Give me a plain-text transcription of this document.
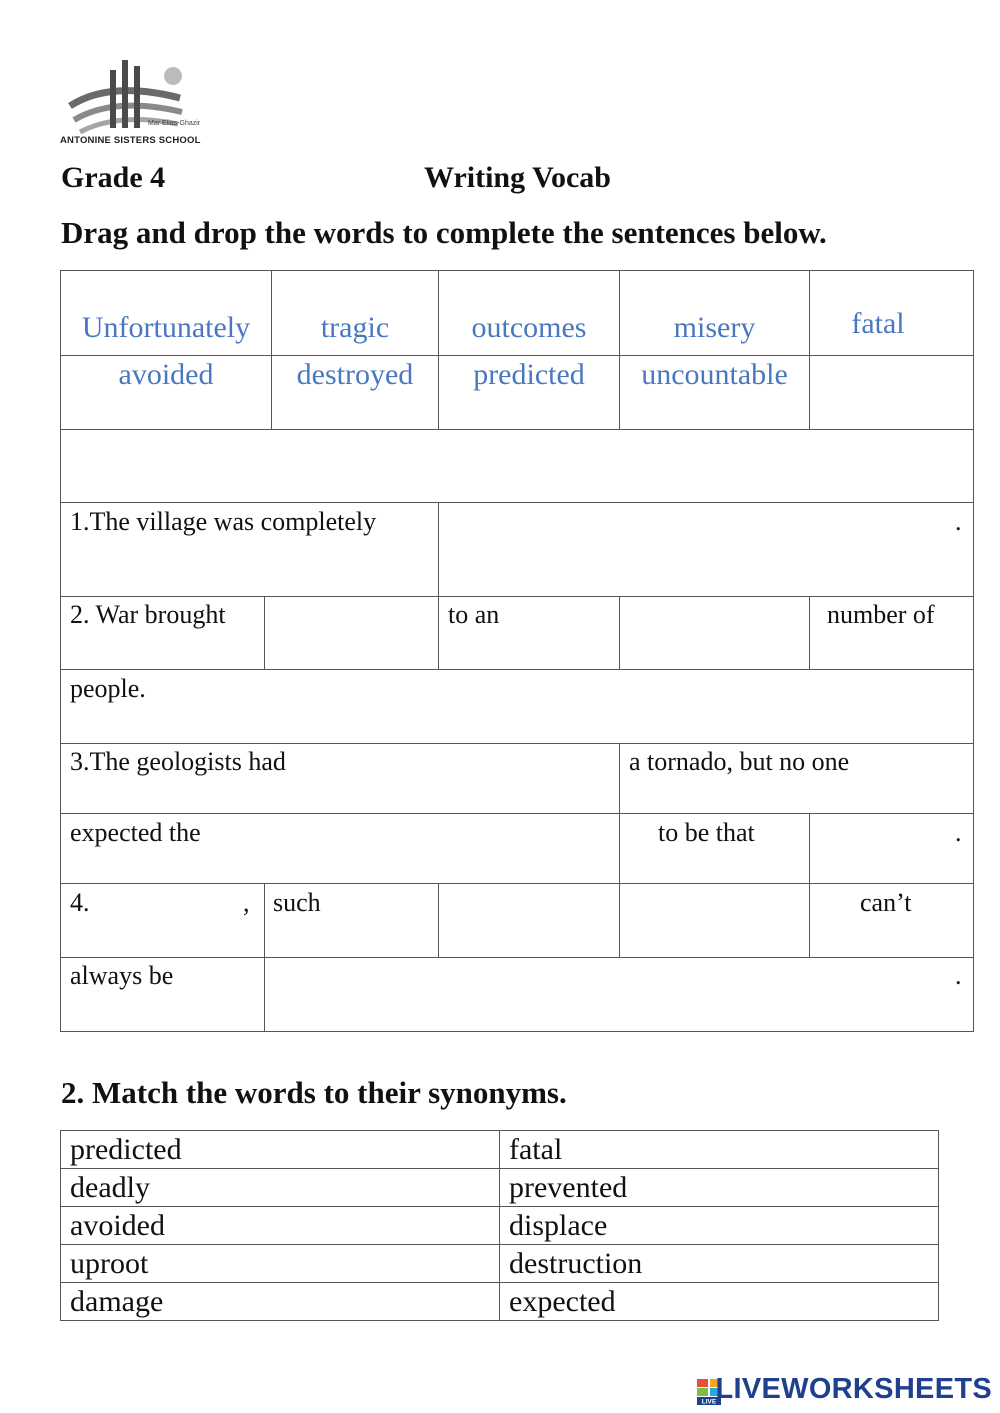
Mar Elias-Ghazir
ANTONINE SISTERS SCHOOL
Grade 4	Writing Vocab
Drag and drop the words to complete the sentences below.
Unfortunately	tragic	outcomes	misery	fatal
avoided	destroyed	predicted	uncountable
1.The village was completely	.
2. War brought	to an	number of
people.
3.The geologists had	a tornado, but no one
expected the	to be that	.
4.	, such	can’t
always be	.
2. Match the words to their synonyms.
predicted	fatal
deadly	prevented
avoided	displace
uproot	destruction
damage	expected
LIVE LIVEWORKSHEETS
